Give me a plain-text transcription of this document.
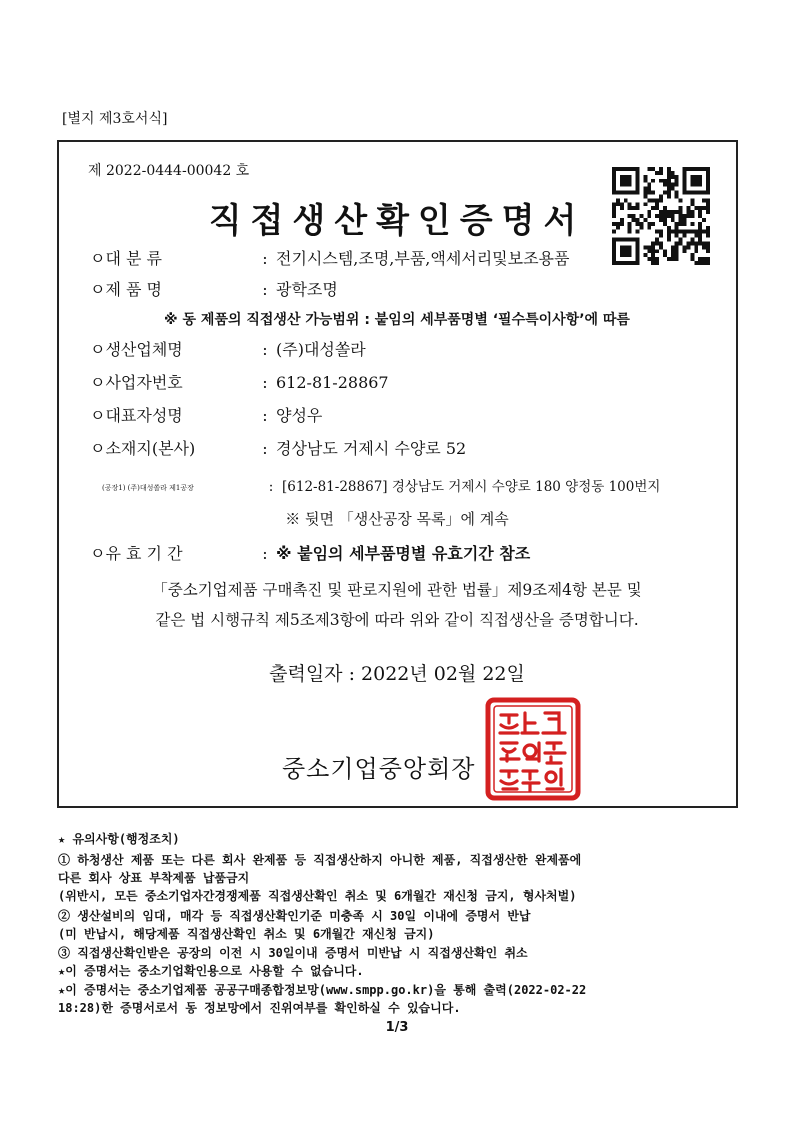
[별지 제3호서식]
제 2022-0444-00042 호
직접생산확인증명서
ㅇ대 분 류	: 전기시스템,조명,부품,액세서리및보조용품
ㅇ제 품 명	: 광학조명
※ 동 제품의 직접생산 가능범위 : 붙임의 세부품명별 ‘필수특이사항’에 따름
ㅇ생산업체명	: (주)대성쏠라
ㅇ사업자번호	: 612-81-28867
ㅇ대표자성명	: 양성우
ㅇ소재지(본사)	: 경상남도 거제시 수양로 52
(공장1) (주)대성쏠라 제1공장	: [612-81-28867] 경상남도 거제시 수양로 180 양정동 100번지
※ 뒷면 「생산공장 목록」에 계속
ㅇ유 효 기 간	: ※ 붙임의 세부품명별 유효기간 참조
「중소기업제품 구매촉진 및 판로지원에 관한 법률」제9조제4항 본문 및
같은 법 시행규칙 제5조제3항에 따라 위와 같이 직접생산을 증명합니다.
출력일자 : 2022년 02월 22일
중소기업중앙회장
★ 유의사항(행정조치)
① 하청생산 제품 또는 다른 회사 완제품 등 직접생산하지 아니한 제품, 직접생산한 완제품에
다른 회사 상표 부착제품 납품금지
(위반시, 모든 중소기업자간경쟁제품 직접생산확인 취소 및 6개월간 재신청 금지, 형사처벌)
② 생산설비의 임대, 매각 등 직접생산확인기준 미충족 시 30일 이내에 증명서 반납
(미 반납시, 해당제품 직접생산확인 취소 및 6개월간 재신청 금지)
③ 직접생산확인받은 공장의 이전 시 30일이내 증명서 미반납 시 직접생산확인 취소
★이 증명서는 중소기업확인용으로 사용할 수 없습니다.
★이 증명서는 중소기업제품 공공구매종합정보망(www.smpp.go.kr)을 통해 출력(2022-02-22
18:28)한 증명서로서 동 정보망에서 진위여부를 확인하실 수 있습니다.
1/3
